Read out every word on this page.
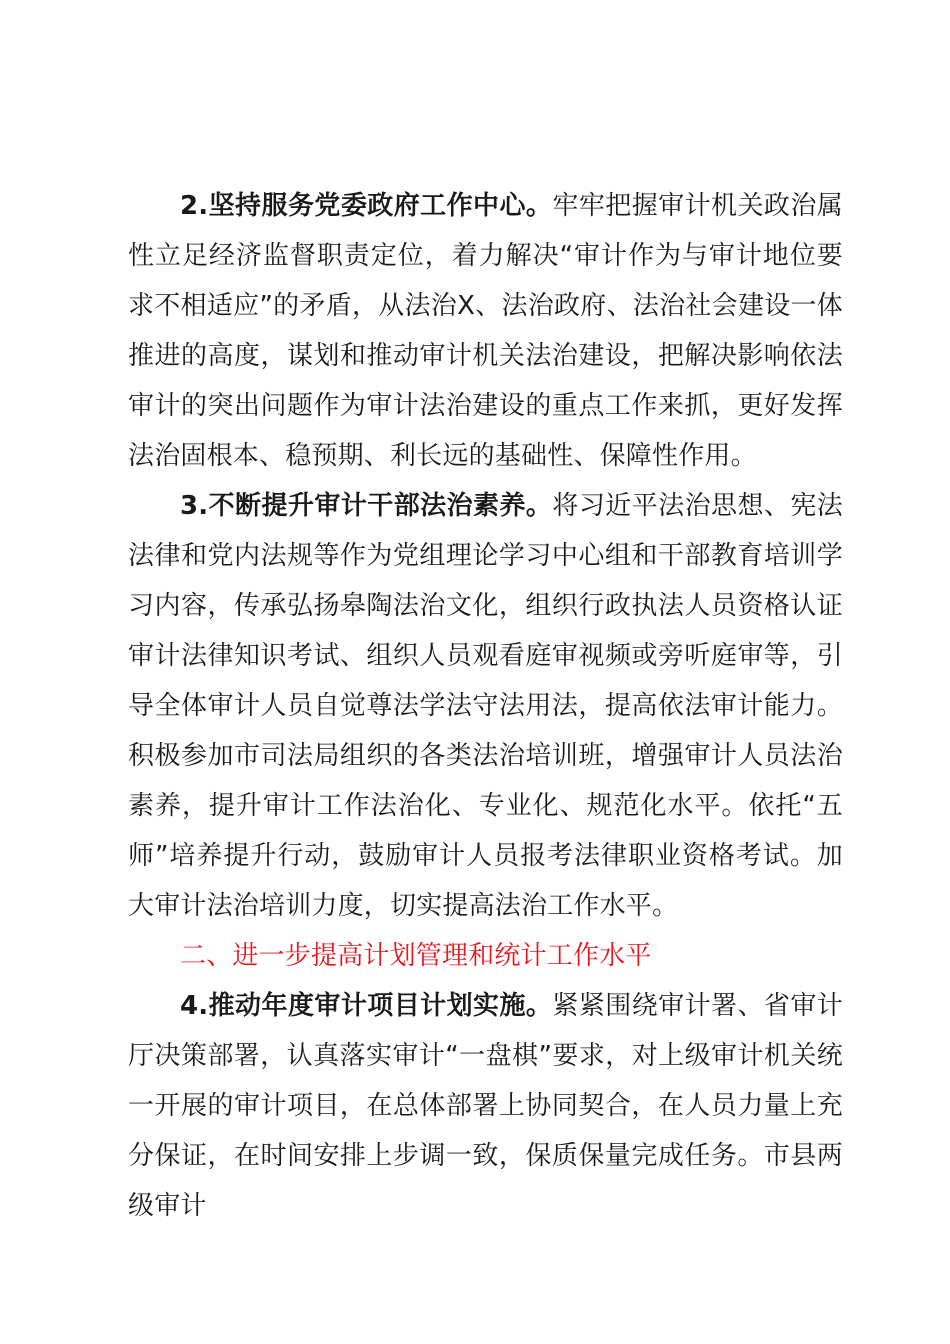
2.坚持服务党委政府工作中心。牢牢把握审计机关政治属性立足经济监督职责定位，着力解决“审计作为与审计地位要求不相适应”的矛盾，从法治X、法治政府、法治社会建设一体推进的高度，谋划和推动审计机关法治建设，把解决影响依法审计的突出问题作为审计法治建设的重点工作来抓，更好发挥法治固根本、稳预期、利长远的基础性、保障性作用。

3.不断提升审计干部法治素养。将习近平法治思想、宪法法律和党内法规等作为党组理论学习中心组和干部教育培训学习内容，传承弘扬皋陶法治文化，组织行政执法人员资格认证审计法律知识考试、组织人员观看庭审视频或旁听庭审等，引导全体审计人员自觉尊法学法守法用法，提高依法审计能力。积极参加市司法局组织的各类法治培训班，增强审计人员法治素养，提升审计工作法治化、专业化、规范化水平。依托“五师”培养提升行动，鼓励审计人员报考法律职业资格考试。加大审计法治培训力度，切实提高法治工作水平。

二、进一步提高计划管理和统计工作水平

4.推动年度审计项目计划实施。紧紧围绕审计署、省审计厅决策部署，认真落实审计“一盘棋”要求，对上级审计机关统一开展的审计项目，在总体部署上协同契合，在人员力量上充分保证，在时间安排上步调一致，保质保量完成任务。市县两级审计
